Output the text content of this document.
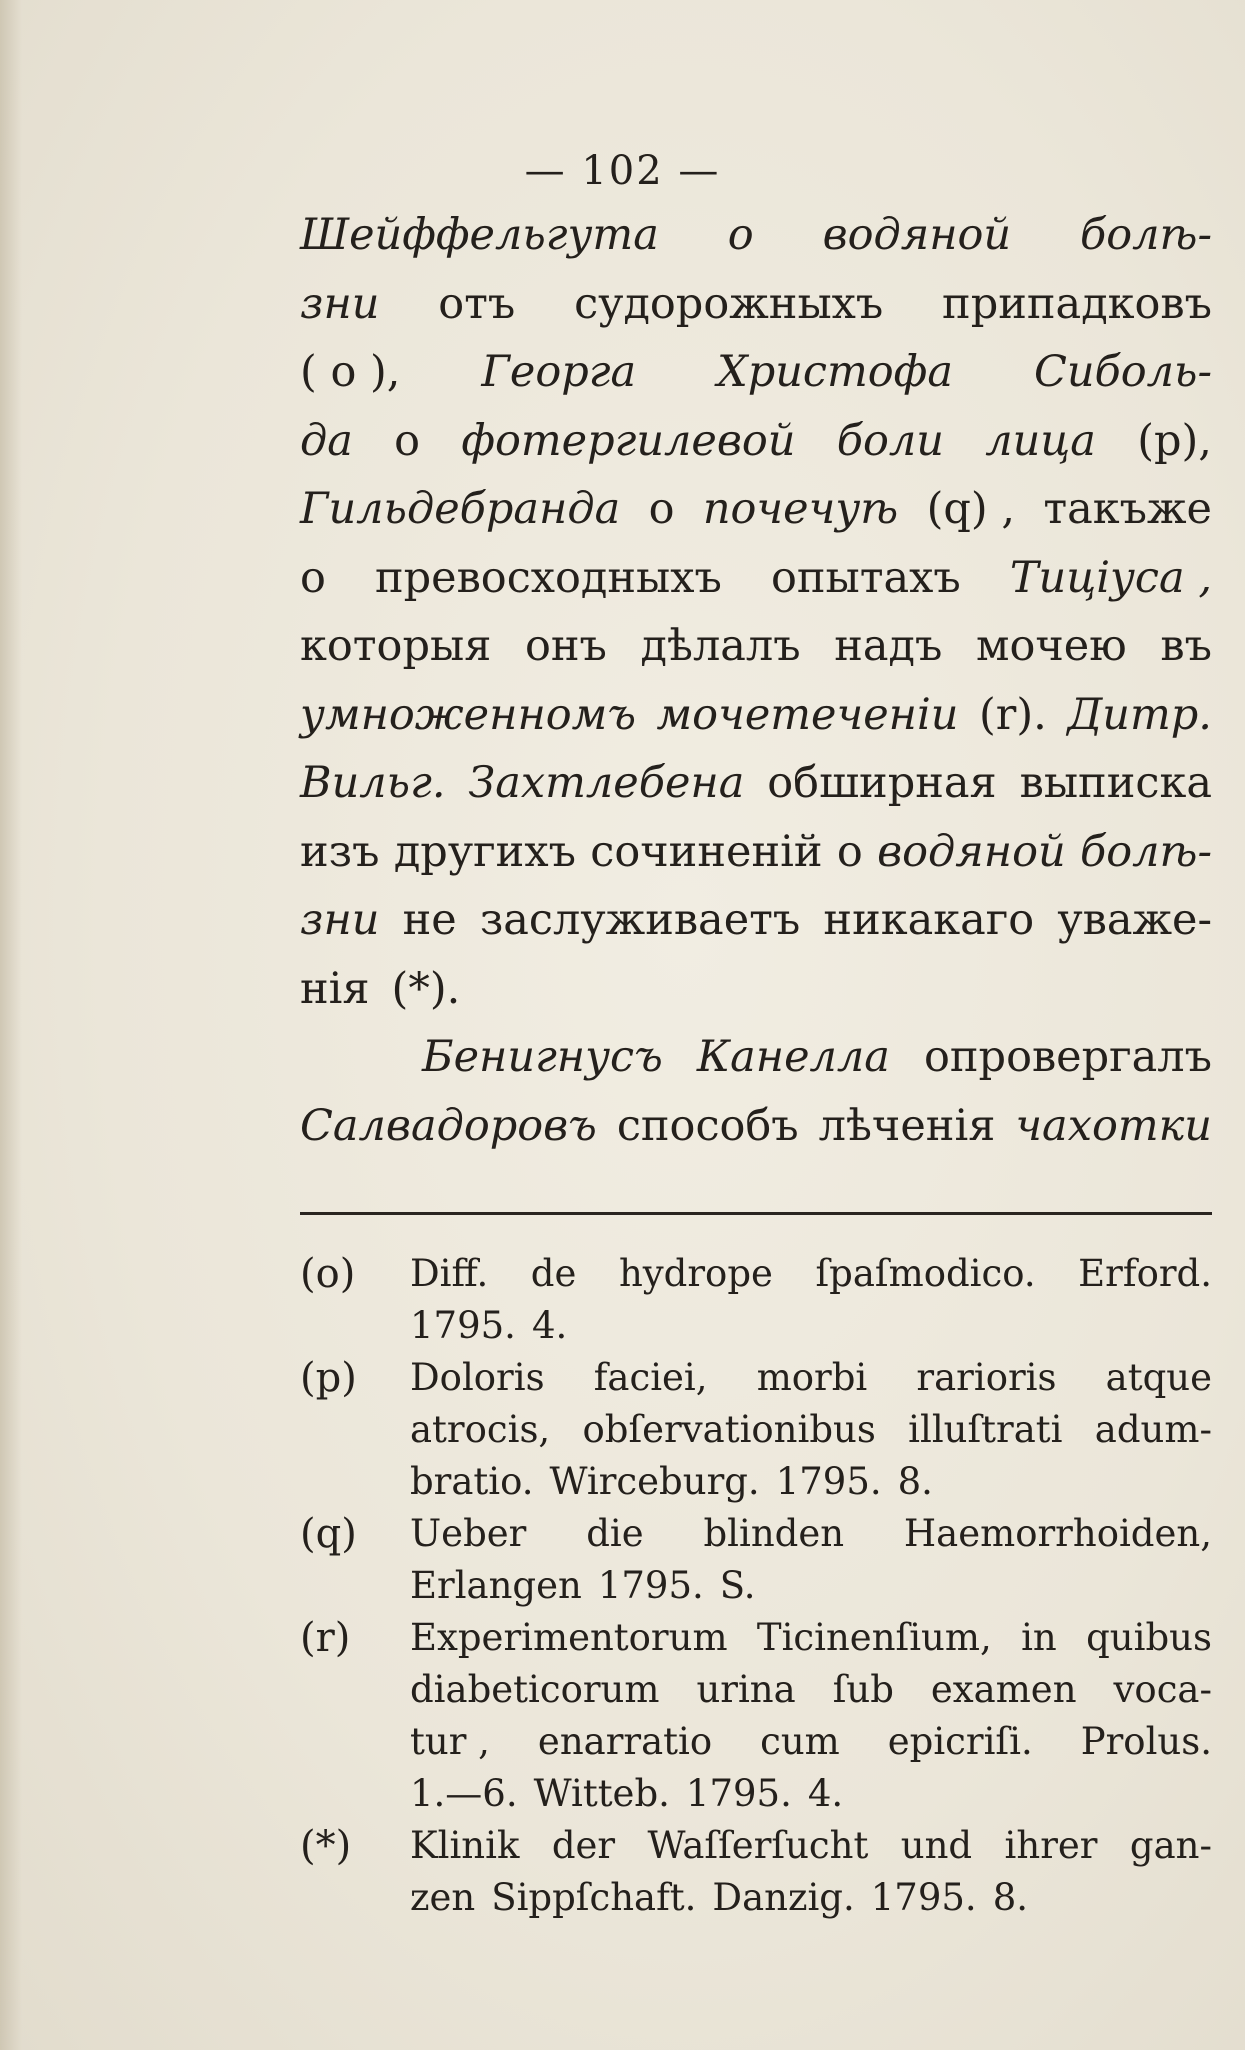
— 102 —
Шейффельгута о водяной болѣ-
зни отъ судорожныхъ припадковъ
( о ), Георга Христофа Сиболь-
да о фотергилевой боли лица (р),
Гильдебранда о почечуѣ (q) , такъже
о превосходныхъ опытахъ Тиціуса ,
которыя онъ дѣлалъ надъ мочею въ
умноженномъ мочетеченіи (r). Дитр.
Вильг. Захтлебена обширная выписка
изъ другихъ сочиненій о водяной болѣ-
зни не заслуживаетъ никакаго уваже-
нія (*).
Бенигнусъ Канелла опровергалъ
Салвадоровъ способъ лѣченія чахотки
(o)	Diff. de hydrope ſpaſmodico. Erford.
1795. 4.
(p)	Doloris faciei, morbi rarioris atque
atrocis, obſervationibus illuſtrati adum-
bratio. Wirceburg. 1795. 8.
(q)	Ueber die blinden Haemorrhoiden,
Erlangen 1795. S.
(r)	Experimentorum Ticinenſium, in quibus
diabeticorum urina ſub examen voca-
tur , enarratio cum epicriſi. Prolus.
1.—6. Witteb. 1795. 4.
(*)	Klinik der Waſſerſucht und ihrer gan-
zen Sippſchaft. Danzig. 1795. 8.
